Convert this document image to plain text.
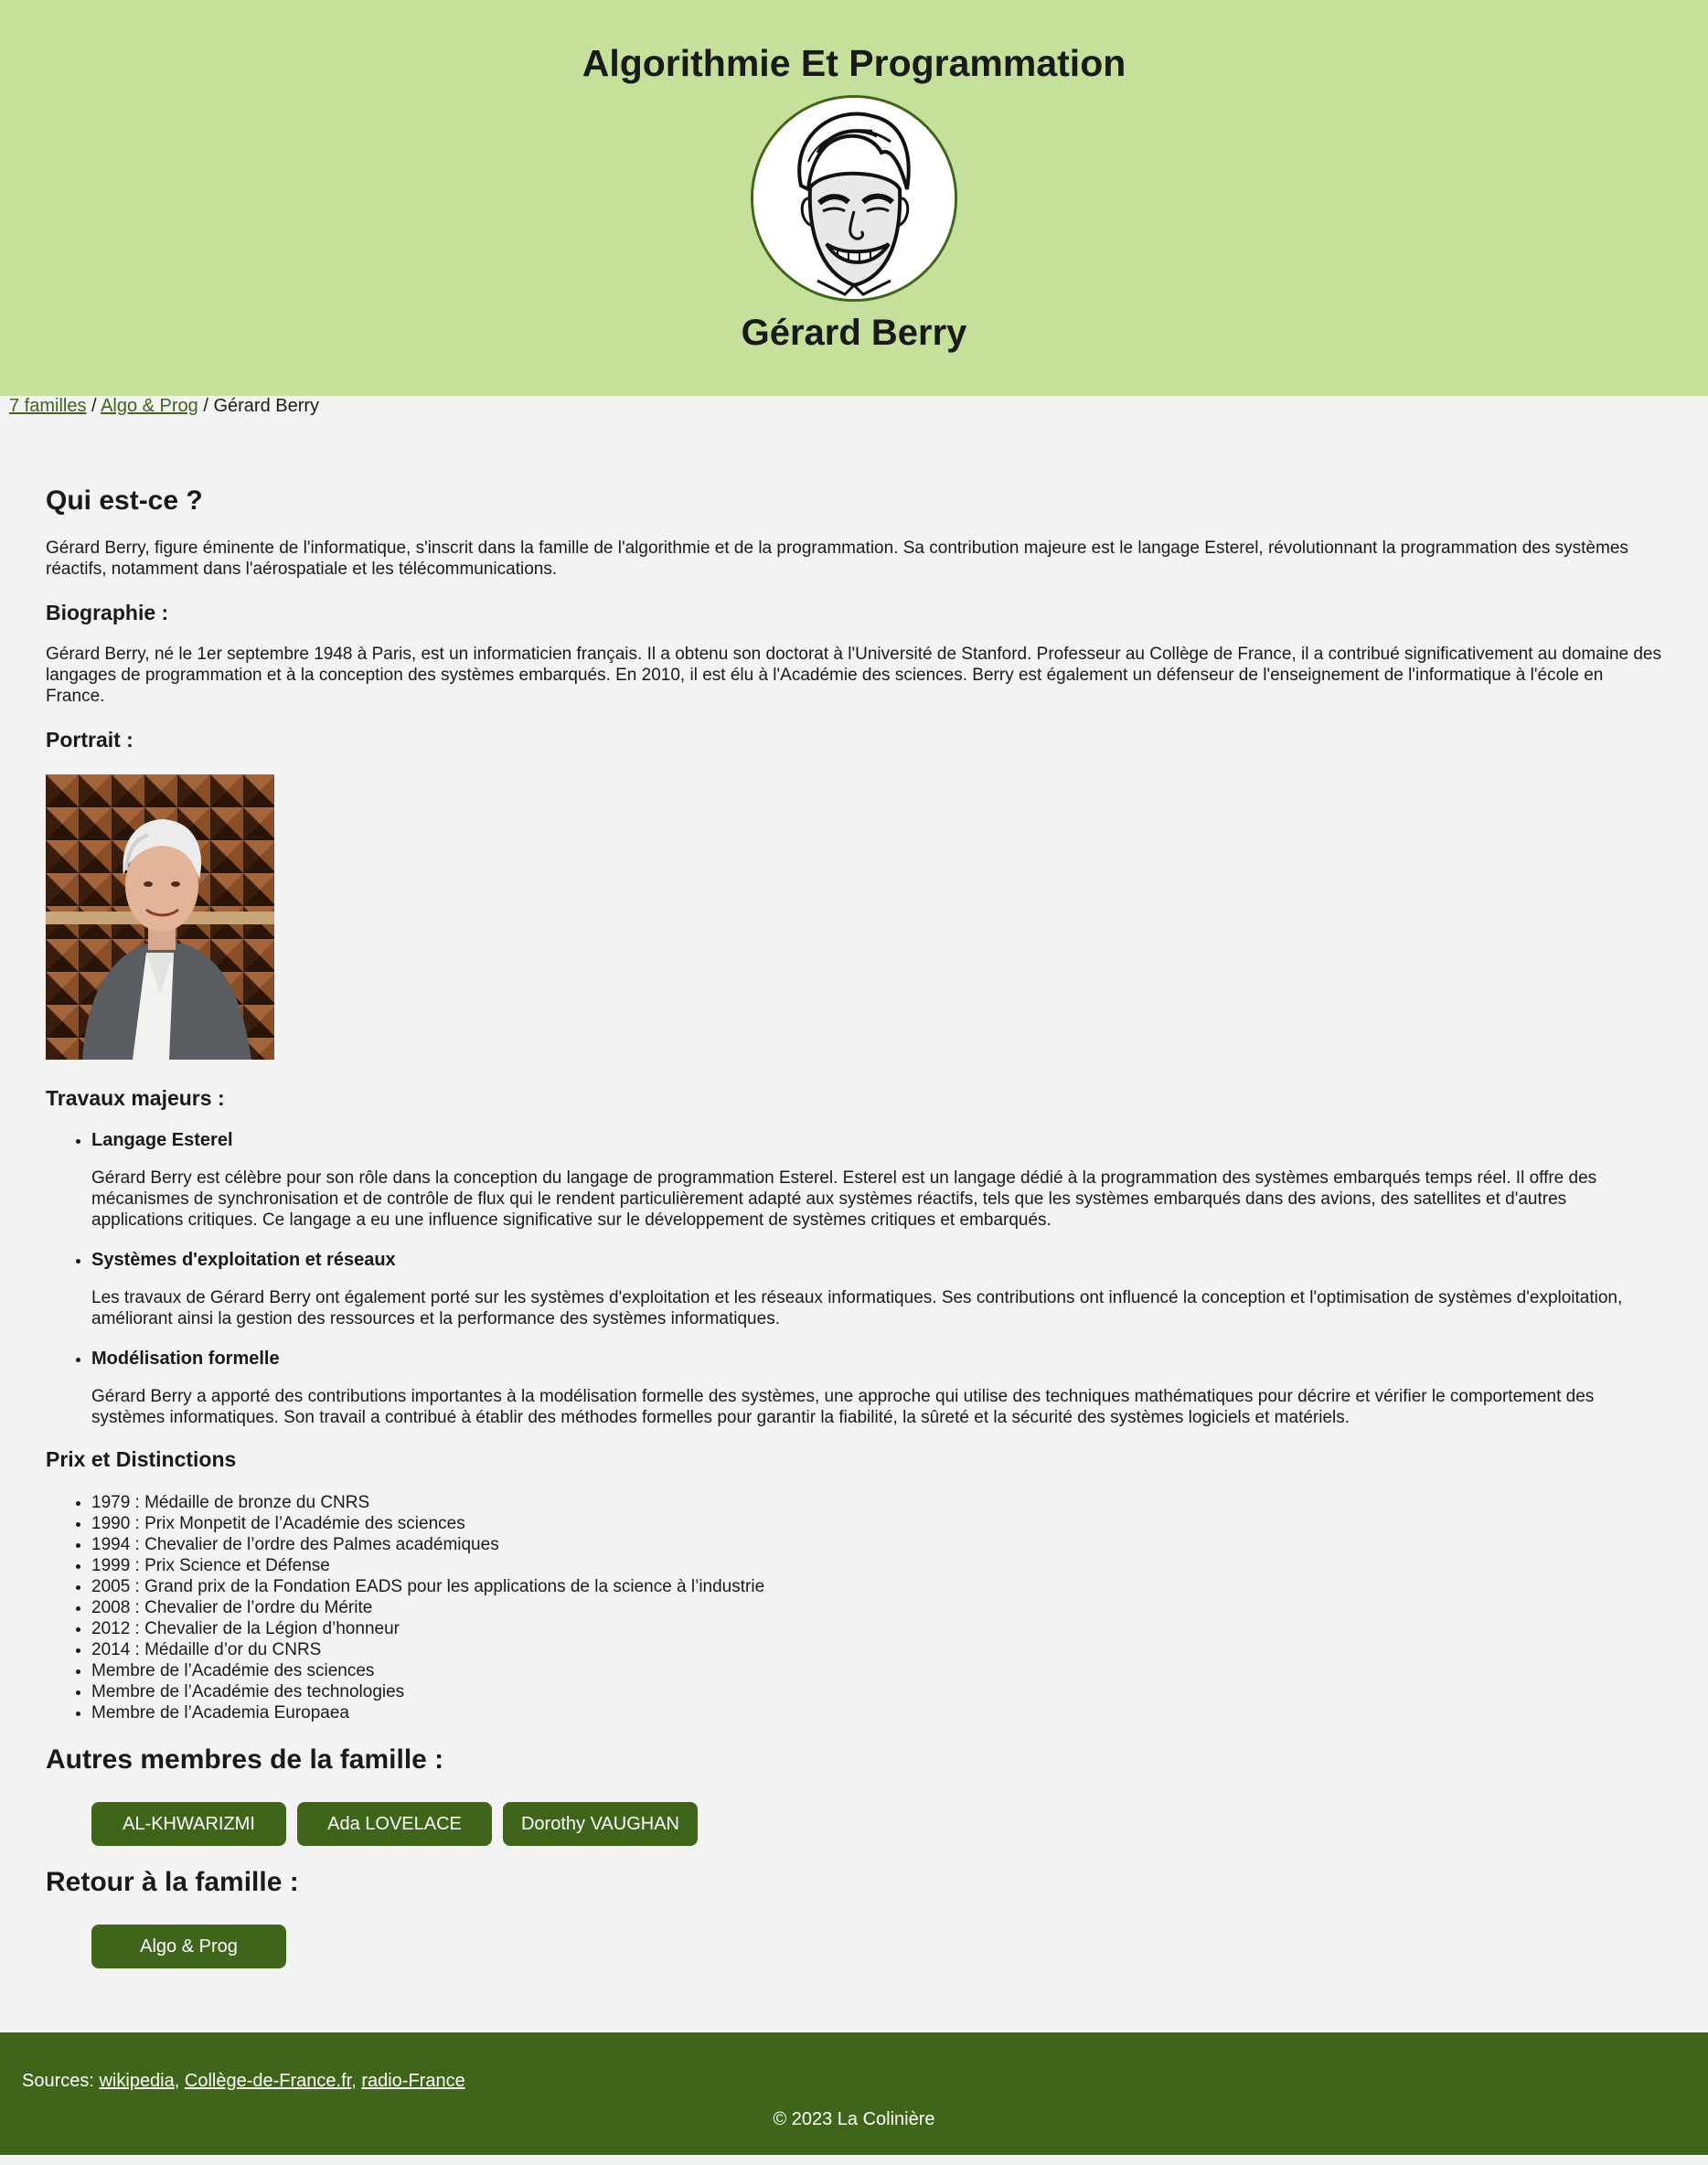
Algorithmie Et Programmation
Gérard Berry
7 familles / Algo & Prog / Gérard Berry
Qui est-ce ?

Gérard Berry, figure éminente de l'informatique, s'inscrit dans la famille de l'algorithmie et de la programmation. Sa contribution majeure est le langage Esterel, révolutionnant la programmation des systèmes réactifs, notamment dans l'aérospatiale et les télécommunications.

Biographie :

Gérard Berry, né le 1er septembre 1948 à Paris, est un informaticien français. Il a obtenu son doctorat à l'Université de Stanford. Professeur au Collège de France, il a contribué significativement au domaine des langages de programmation et à la conception des systèmes embarqués. En 2010, il est élu à l'Académie des sciences. Berry est également un défenseur de l'enseignement de l'informatique à l'école en France.

Portrait :
Travaux majeurs :
• Langage Esterel

Gérard Berry est célèbre pour son rôle dans la conception du langage de programmation Esterel. Esterel est un langage dédié à la programmation des systèmes embarqués temps réel. Il offre des mécanismes de synchronisation et de contrôle de flux qui le rendent particulièrement adapté aux systèmes réactifs, tels que les systèmes embarqués dans des avions, des satellites et d'autres applications critiques. Ce langage a eu une influence significative sur le développement de systèmes critiques et embarqués.

• Systèmes d'exploitation et réseaux

Les travaux de Gérard Berry ont également porté sur les systèmes d'exploitation et les réseaux informatiques. Ses contributions ont influencé la conception et l'optimisation de systèmes d'exploitation, améliorant ainsi la gestion des ressources et la performance des systèmes informatiques.

• Modélisation formelle

Gérard Berry a apporté des contributions importantes à la modélisation formelle des systèmes, une approche qui utilise des techniques mathématiques pour décrire et vérifier le comportement des systèmes informatiques. Son travail a contribué à établir des méthodes formelles pour garantir la fiabilité, la sûreté et la sécurité des systèmes logiciels et matériels.

Prix et Distinctions
• 1979 : Médaille de bronze du CNRS
• 1990 : Prix Monpetit de l’Académie des sciences
• 1994 : Chevalier de l’ordre des Palmes académiques
• 1999 : Prix Science et Défense
• 2005 : Grand prix de la Fondation EADS pour les applications de la science à l’industrie
• 2008 : Chevalier de l’ordre du Mérite
• 2012 : Chevalier de la Légion d’honneur
• 2014 : Médaille d’or du CNRS
• Membre de l’Académie des sciences
• Membre de l’Académie des technologies
• Membre de l’Academia Europaea
Autres membres de la famille :
AL-KHWARIZMI	Ada LOVELACE	Dorothy VAUGHAN
Retour à la famille :
Algo & Prog
Sources: wikipedia, Collège-de-France.fr, radio-France
© 2023 La Colinière
